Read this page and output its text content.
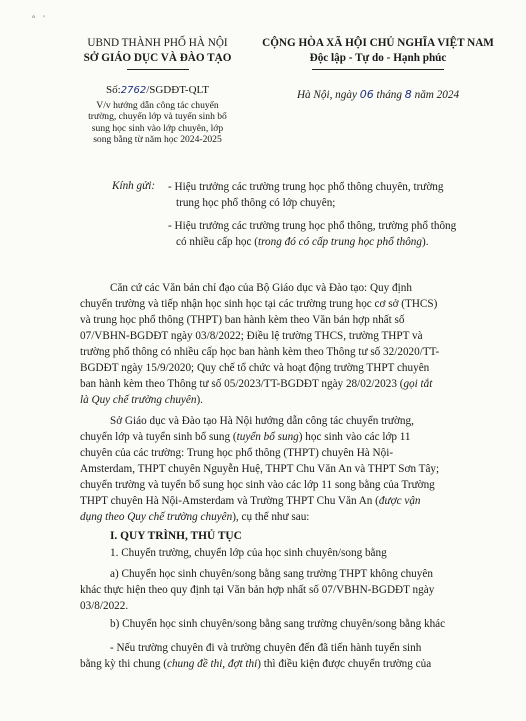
° ′
UBND THÀNH PHỐ HÀ NỘI
SỞ GIÁO DỤC VÀ ĐÀO TẠO
CỘNG HÒA XÃ HỘI CHỦ NGHĨA VIỆT NAM
Độc lập - Tự do - Hạnh phúc
Số:2762/SGDĐT-QLT
V/v hướng dẫn công tác chuyển
trường, chuyển lớp và tuyển sinh bổ
sung học sinh vào lớp chuyên, lớp
song bằng từ năm học 2024-2025
Hà Nội, ngày 06 tháng 8 năm 2024
Kính gửi: - Hiệu trưởng các trường trung học phổ thông chuyên, trường
trung học phổ thông có lớp chuyên;
- Hiệu trưởng các trường trung học phổ thông, trường phổ thông
có nhiều cấp học (trong đó có cấp trung học phổ thông).
Căn cứ các Văn bản chỉ đạo của Bộ Giáo dục và Đào tạo: Quy định
chuyển trường và tiếp nhận học sinh học tại các trường trung học cơ sở (THCS)
và trung học phổ thông (THPT) ban hành kèm theo Văn bản hợp nhất số
07/VBHN-BGDĐT ngày 03/8/2022; Điều lệ trường THCS, trường THPT và
trường phổ thông có nhiều cấp học ban hành kèm theo Thông tư số 32/2020/TT-
BGDĐT ngày 15/9/2020; Quy chế tổ chức và hoạt động trường THPT chuyên
ban hành kèm theo Thông tư số 05/2023/TT-BGDĐT ngày 28/02/2023 (gọi tắt
là Quy chế trường chuyên).
Sở Giáo dục và Đào tạo Hà Nội hướng dẫn công tác chuyển trường,
chuyển lớp và tuyển sinh bổ sung (tuyển bổ sung) học sinh vào các lớp 11
chuyên của các trường: Trung học phổ thông (THPT) chuyên Hà Nội-
Amsterdam, THPT chuyên Nguyễn Huệ, THPT Chu Văn An và THPT Sơn Tây;
chuyển trường và tuyển bổ sung học sinh vào các lớp 11 song bằng của Trường
THPT chuyên Hà Nội-Amsterdam và Trường THPT Chu Văn An (được vận
dụng theo Quy chế trường chuyên), cụ thể như sau:
I. QUY TRÌNH, THỦ TỤC
1. Chuyển trường, chuyển lớp của học sinh chuyên/song bằng
a) Chuyển học sinh chuyên/song bằng sang trường THPT không chuyên
khác thực hiện theo quy định tại Văn bản hợp nhất số 07/VBHN-BGDĐT ngày
03/8/2022.
b) Chuyển học sinh chuyên/song bằng sang trường chuyên/song bằng khác
- Nếu trường chuyên đi và trường chuyên đến đã tiến hành tuyển sinh
bằng kỳ thi chung (chung đề thi, đợt thi) thì điều kiện được chuyển trường của
